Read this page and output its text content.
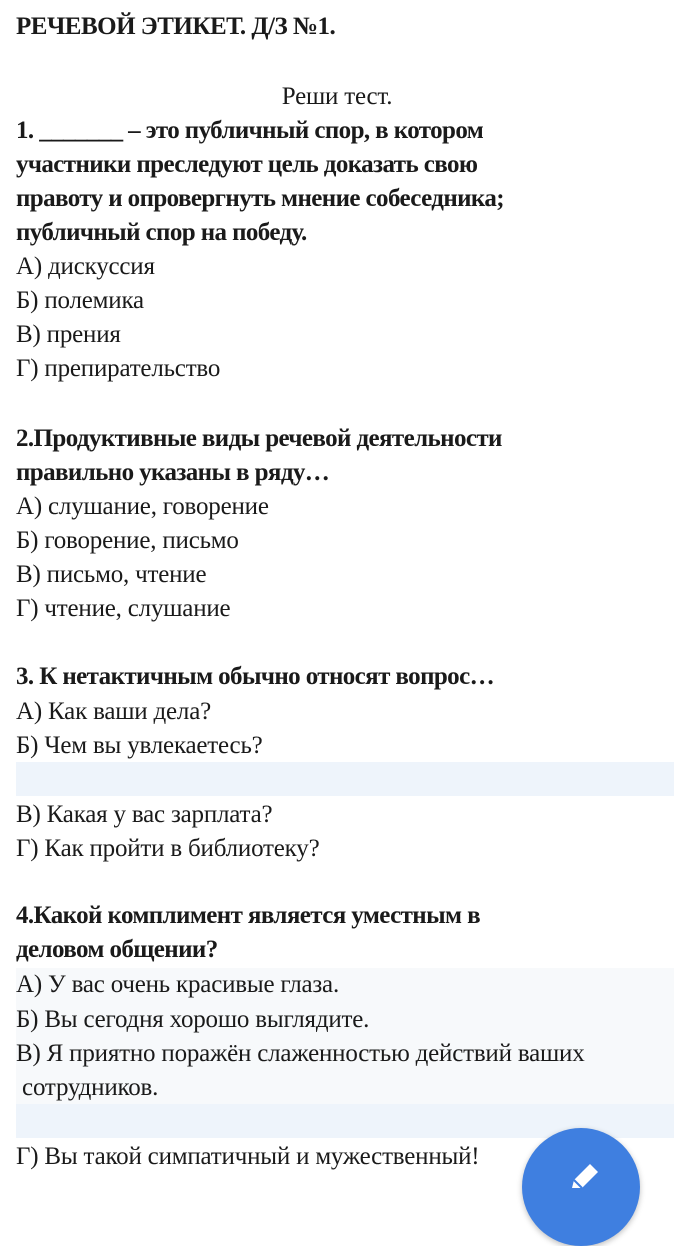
РЕЧЕВОЙ ЭТИКЕТ. Д/З №1.
Реши тест.
1. _______ – это публичный спор, в котором
участники преследуют цель доказать свою
правоту и опровергнуть мнение собеседника;
публичный спор на победу.
А) дискуссия
Б) полемика
В) прения
Г) препирательство
2.Продуктивные виды речевой деятельности
правильно указаны в ряду…
А) слушание, говорение
Б) говорение, письмо
В) письмо, чтение
Г) чтение, слушание
3. К нетактичным обычно относят вопрос…
А) Как ваши дела?
Б) Чем вы увлекаетесь?
В) Какая у вас зарплата?
Г) Как пройти в библиотеку?
4.Какой комплимент является уместным в
деловом общении?
А) У вас очень красивые глаза.
Б) Вы сегодня хорошо выглядите.
В) Я приятно поражён слаженностью действий ваших
сотрудников.
Г) Вы такой симпатичный и мужественный!
